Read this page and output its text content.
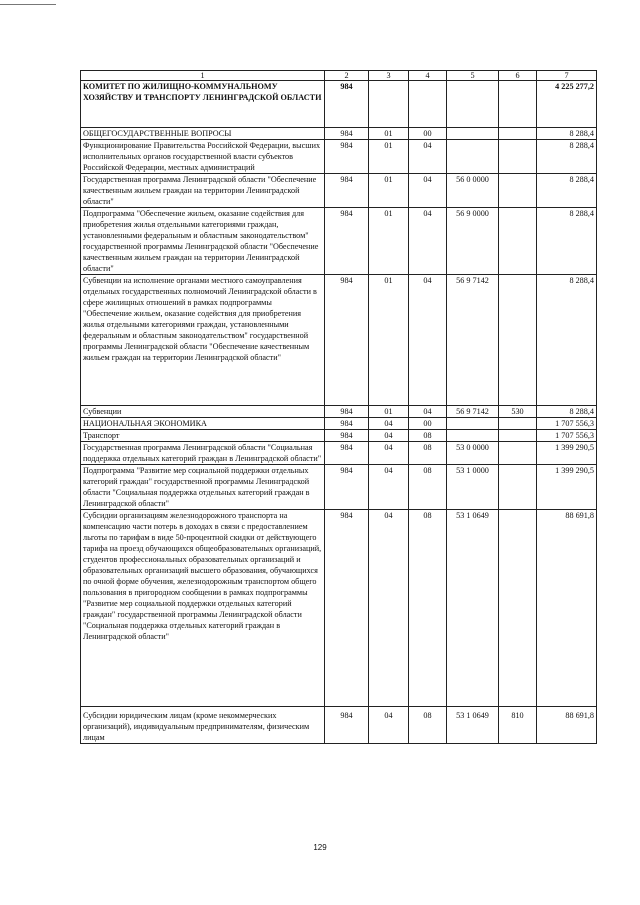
1	2	3	4	5	6	7
КОМИТЕТ ПО ЖИЛИЩНО-КОММУНАЛЬНОМУ ХОЗЯЙСТВУ И ТРАНСПОРТУ ЛЕНИНГРАДСКОЙ ОБЛАСТИ	984					4 225 277,2
ОБЩЕГОСУДАРСТВЕННЫЕ ВОПРОСЫ	984	01	00			8 288,4
Функционирование Правительства Российской Федерации, высших исполнительных органов государственной власти субъектов Российской Федерации, местных администраций	984	01	04			8 288,4
Государственная программа Ленинградской области "Обеспечение качественным жильем граждан на территории Ленинградской области"	984	01	04	56 0 0000		8 288,4
Подпрограмма "Обеспечение жильем, оказание содействия для приобретения жилья отдельными категориями граждан, установленными федеральным и областным законодательством" государственной программы Ленинградской области "Обеспечение качественным жильем граждан на территории Ленинградской области"	984	01	04	56 9 0000		8 288,4
Субвенции на исполнение органами местного самоуправления отдельных государственных полномочий Ленинградской области в сфере жилищных отношений в рамках подпрограммы "Обеспечение жильем, оказание содействия для приобретения жилья отдельными категориями граждан, установленными федеральным и областным законодательством" государственной программы Ленинградской области "Обеспечение качественным жильем граждан на территории Ленинградской области"	984	01	04	56 9 7142		8 288,4
Субвенции	984	01	04	56 9 7142	530	8 288,4
НАЦИОНАЛЬНАЯ ЭКОНОМИКА	984	04	00			1 707 556,3
Транспорт	984	04	08			1 707 556,3
Государственная программа Ленинградской области "Социальная поддержка отдельных категорий граждан в Ленинградской области"	984	04	08	53 0 0000		1 399 290,5
Подпрограмма "Развитие мер социальной поддержки отдельных категорий граждан" государственной программы Ленинградской области "Социальная поддержка отдельных категорий граждан в Ленинградской области"	984	04	08	53 1 0000		1 399 290,5
Субсидии организациям железнодорожного транспорта на компенсацию части потерь в доходах в связи с предоставлением льготы по тарифам в виде 50-процентной скидки от действующего тарифа на проезд обучающихся общеобразовательных организаций, студентов профессиональных образовательных организаций и образовательных организаций высшего образования, обучающихся по очной форме обучения, железнодорожным транспортом общего пользования в пригородном сообщении в рамках подпрограммы "Развитие мер социальной поддержки отдельных категорий граждан" государственной программы Ленинградской области "Социальная поддержка отдельных категорий граждан в Ленинградской области"	984	04	08	53 1 0649		88 691,8
Субсидии юридическим лицам (кроме некоммерческих организаций), индивидуальным предпринимателям, физическим лицам	984	04	08	53 1 0649	810	88 691,8
129
